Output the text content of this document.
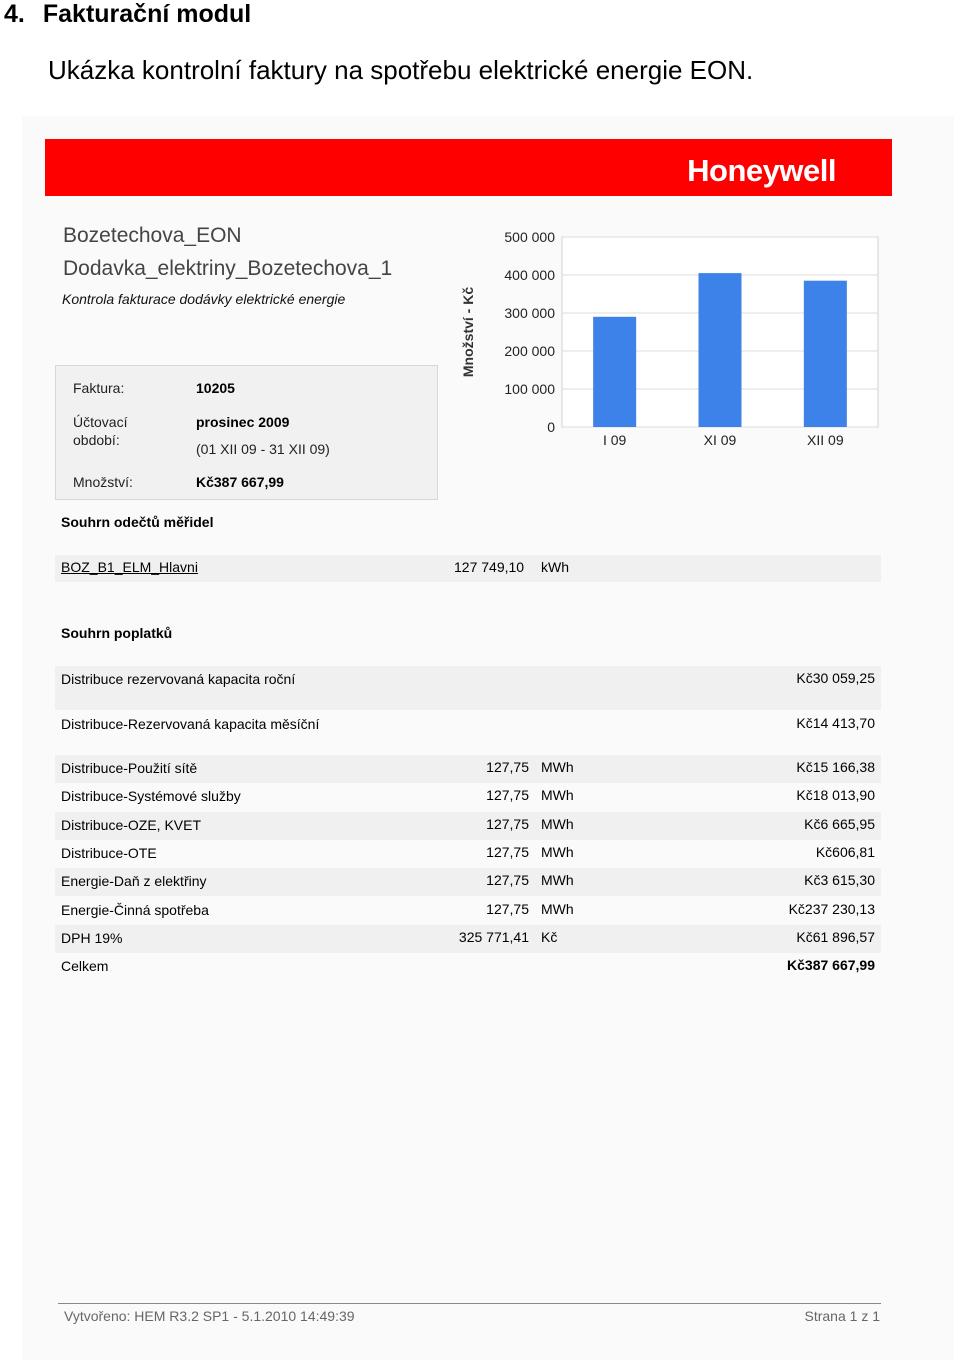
4. Fakturační modul
Ukázka kontrolní faktury na spotřebu elektrické energie EON.
Honeywell
Bozetechova_EON
Dodavka_elektriny_Bozetechova_1
Kontrola fakturace dodávky elektrické energie
Faktura:	10205
Účtovací
období:
prosinec 2009
(01 XII 09 - 31 XII 09)
Množství:	Kč387 667,99
0
100 000
200 000
300 000
400 000
500 000
Množství - Kč
I 09	XI 09	XII 09
Souhrn odečtů měřidel
BOZ_B1_ELM_Hlavni	127 749,10 kWh
Souhrn poplatků
Distribuce rezervovaná kapacita roční	Kč30 059,25
Distribuce-Rezervovaná kapacita měsíční	Kč14 413,70
Distribuce-Použití sítě	127,75 MWh	Kč15 166,38
Distribuce-Systémové služby	127,75 MWh	Kč18 013,90
Distribuce-OZE, KVET	127,75 MWh	Kč6 665,95
Distribuce-OTE	127,75 MWh	Kč606,81
Energie-Daň z elektřiny	127,75 MWh	Kč3 615,30
Energie-Činná spotřeba	127,75 MWh	Kč237 230,13
DPH 19%	325 771,41 Kč	Kč61 896,57
Celkem	Kč387 667,99
Vytvořeno: HEM R3.2 SP1 - 5.1.2010 14:49:39	Strana 1 z 1
